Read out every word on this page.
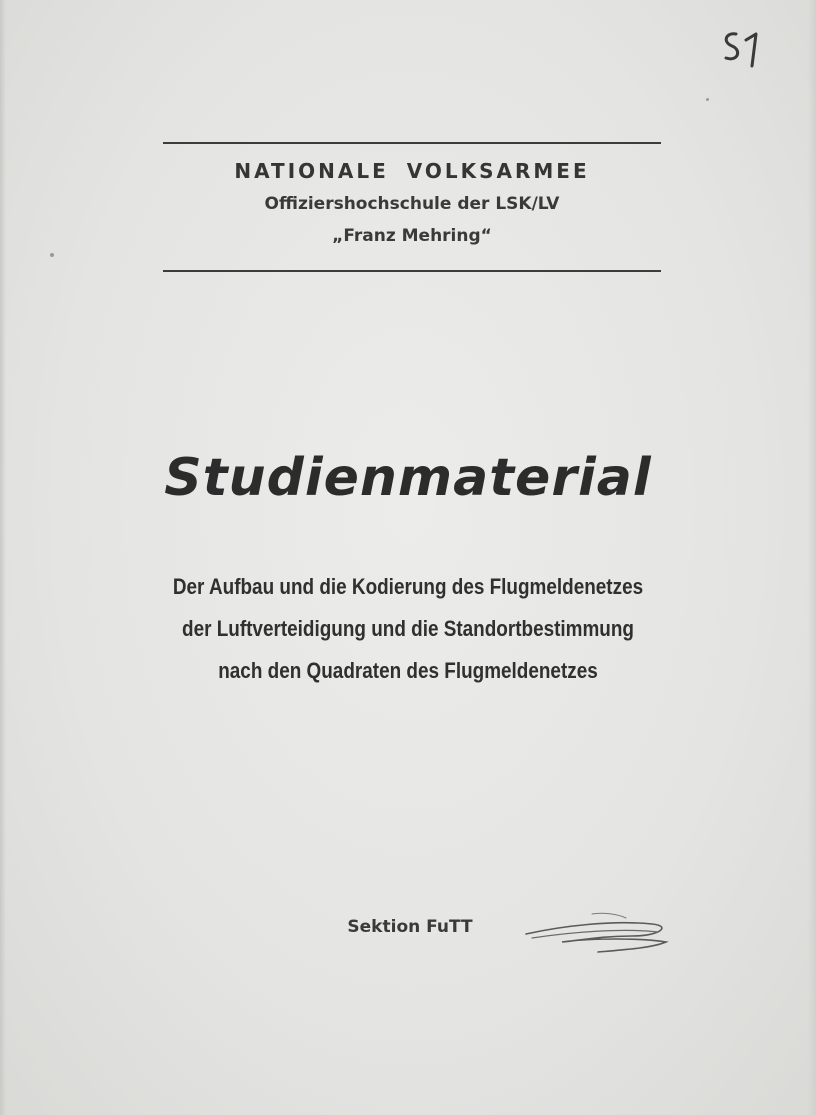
NATIONALE VOLKSARMEE
Offiziershochschule der LSK/LV
„Franz Mehring“
Studienmaterial
Der Aufbau und die Kodierung des Flugmeldenetzes
der Luftverteidigung und die Standortbestimmung
nach den Quadraten des Flugmeldenetzes
Sektion FuTT
